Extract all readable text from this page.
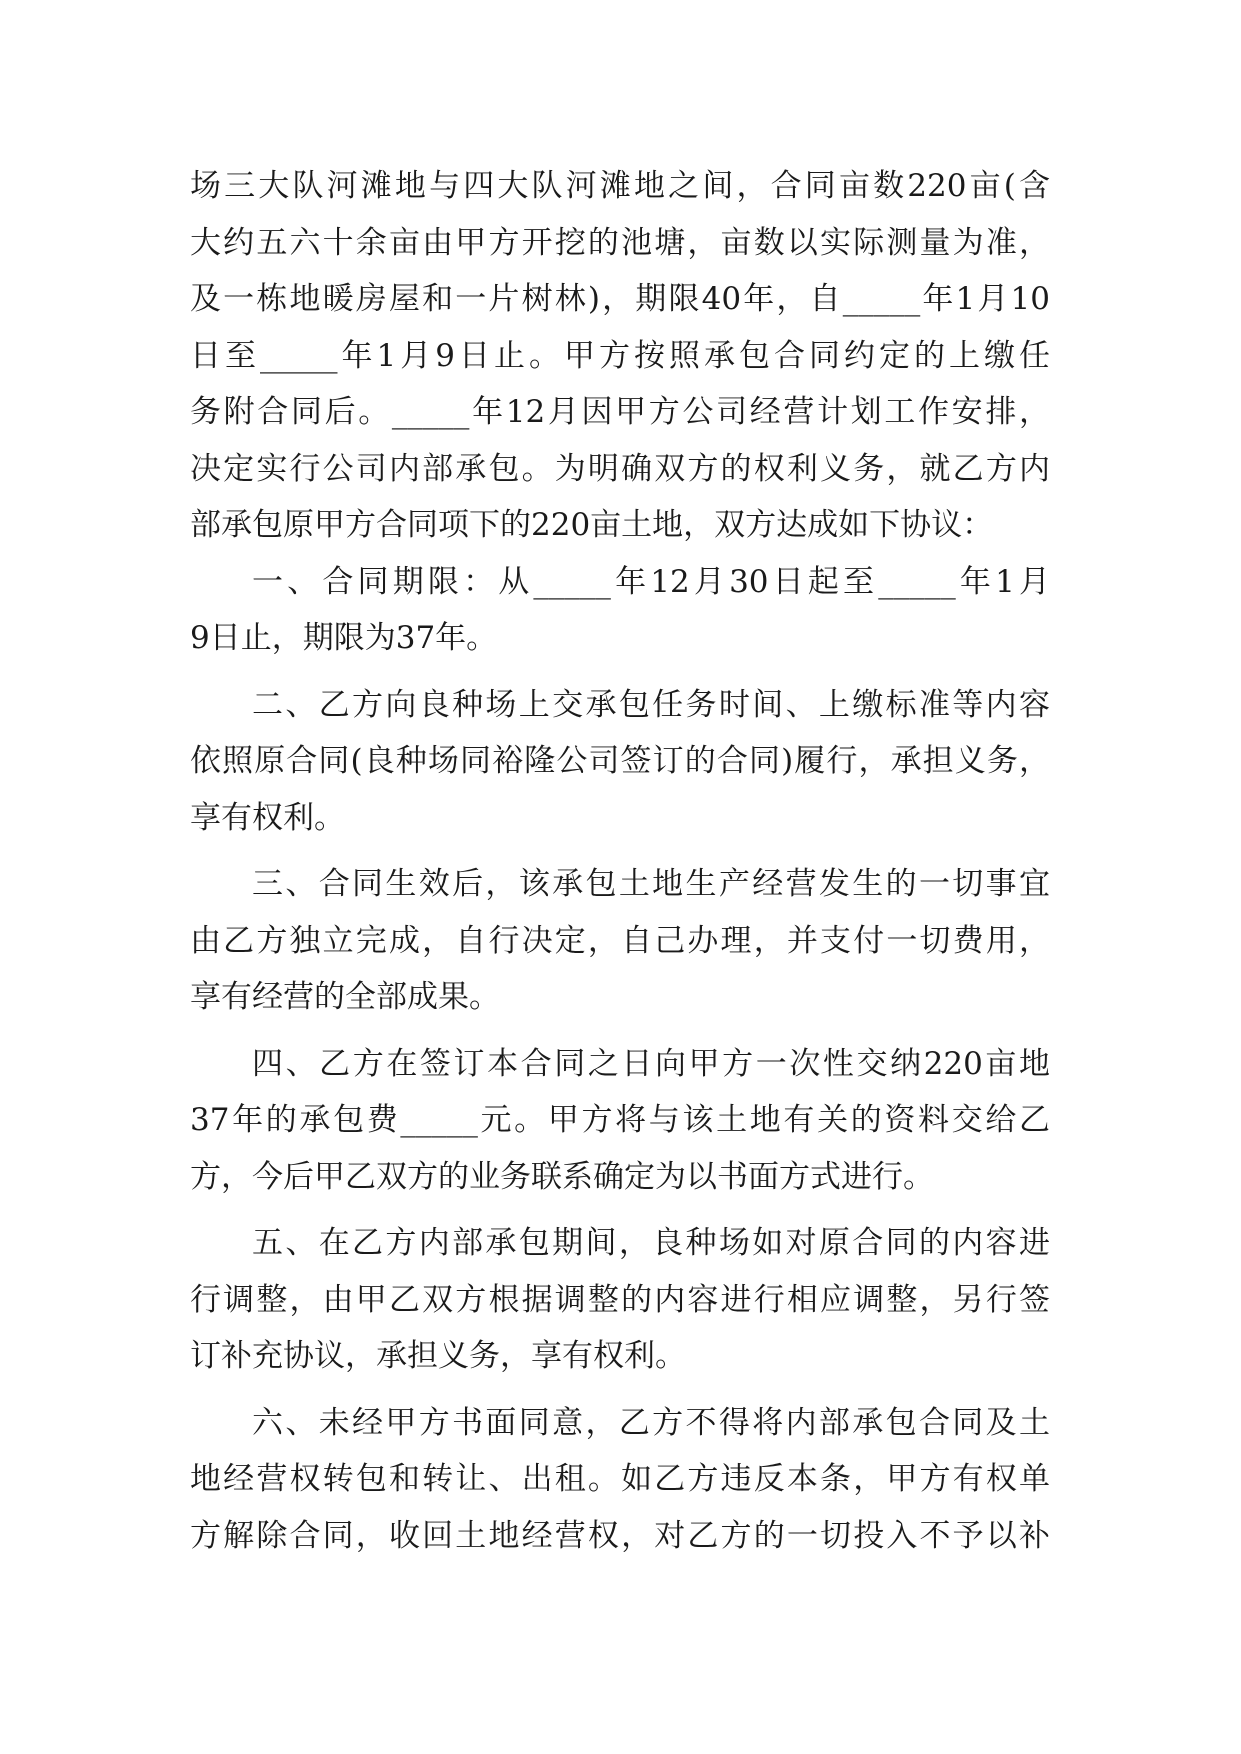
场三大队河滩地与四大队河滩地之间，合同亩数220亩(含
大约五六十余亩由甲方开挖的池塘，亩数以实际测量为准，
及一栋地暖房屋和一片树林)，期限40年，自_____年1月10
日至_____年1月9日止。甲方按照承包合同约定的上缴任
务附合同后。_____年12月因甲方公司经营计划工作安排，
决定实行公司内部承包。为明确双方的权利义务，就乙方内
部承包原甲方合同项下的220亩土地，双方达成如下协议：
一、合同期限：从_____年12月30日起至_____年1月
9日止，期限为37年。
二、乙方向良种场上交承包任务时间、上缴标准等内容
依照原合同(良种场同裕隆公司签订的合同)履行，承担义务，
享有权利。
三、合同生效后，该承包土地生产经营发生的一切事宜
由乙方独立完成，自行决定，自己办理，并支付一切费用，
享有经营的全部成果。
四、乙方在签订本合同之日向甲方一次性交纳220亩地
37年的承包费_____元。甲方将与该土地有关的资料交给乙
方，今后甲乙双方的业务联系确定为以书面方式进行。
五、在乙方内部承包期间，良种场如对原合同的内容进
行调整，由甲乙双方根据调整的内容进行相应调整，另行签
订补充协议，承担义务，享有权利。
六、未经甲方书面同意，乙方不得将内部承包合同及土
地经营权转包和转让、出租。如乙方违反本条，甲方有权单
方解除合同，收回土地经营权，对乙方的一切投入不予以补
